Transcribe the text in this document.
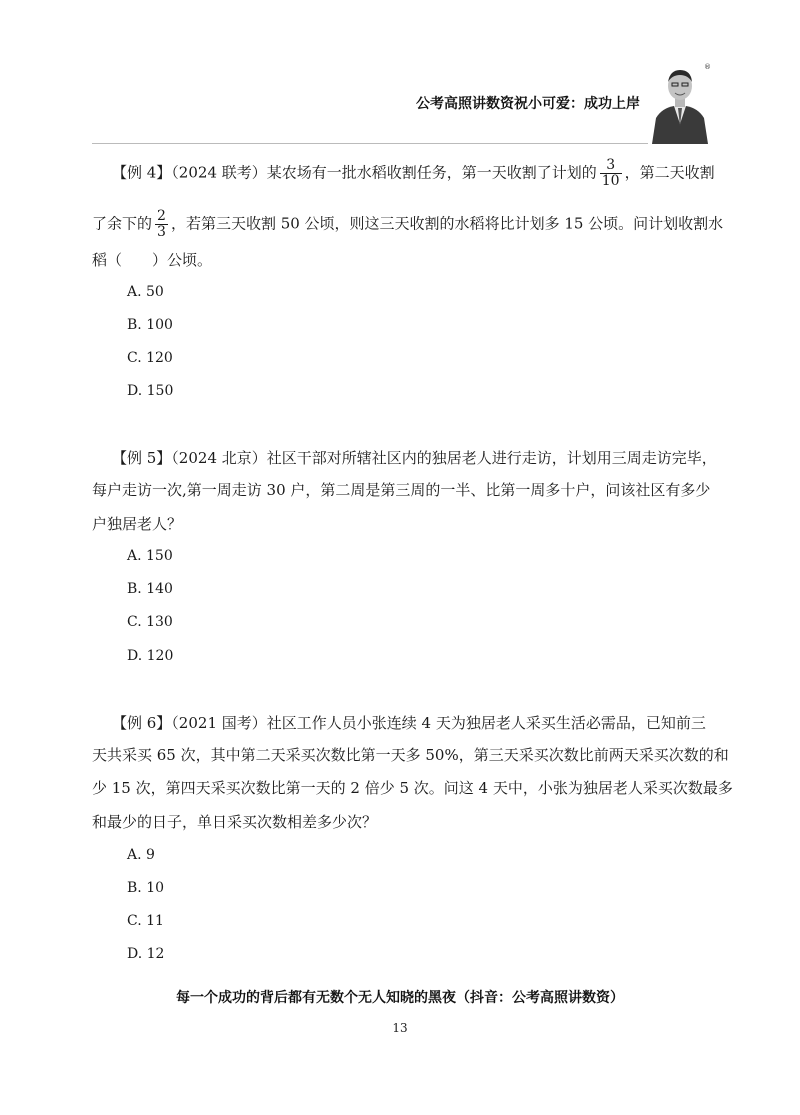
公考高照讲数资祝小可爱：成功上岸
®
【例 4】（2024 联考）某农场有一批水稻收割任务，第一天收割了计划的 $\frac{3}{10}$ ，第二天收割
了余下的 $\frac{2}{3}$ ，若第三天收割 50 公顷，则这三天收割的水稻将比计划多 15 公顷。问计划收割水
稻（　　）公顷。
A. 50
B. 100
C. 120
D. 150
【例 5】（2024 北京）社区干部对所辖社区内的独居老人进行走访，计划用三周走访完毕，
每户走访一次,第一周走访 30 户，第二周是第三周的一半、比第一周多十户，问该社区有多少
户独居老人？
A. 150
B. 140
C. 130
D. 120
【例 6】（2021 国考）社区工作人员小张连续 4 天为独居老人采买生活必需品，已知前三
天共采买 65 次，其中第二天采买次数比第一天多 50%，第三天采买次数比前两天采买次数的和
少 15 次，第四天采买次数比第一天的 2 倍少 5 次。问这 4 天中，小张为独居老人采买次数最多
和最少的日子，单日采买次数相差多少次？
A. 9
B. 10
C. 11
D. 12
每一个成功的背后都有无数个无人知晓的黑夜（抖音：公考高照讲数资）
13
